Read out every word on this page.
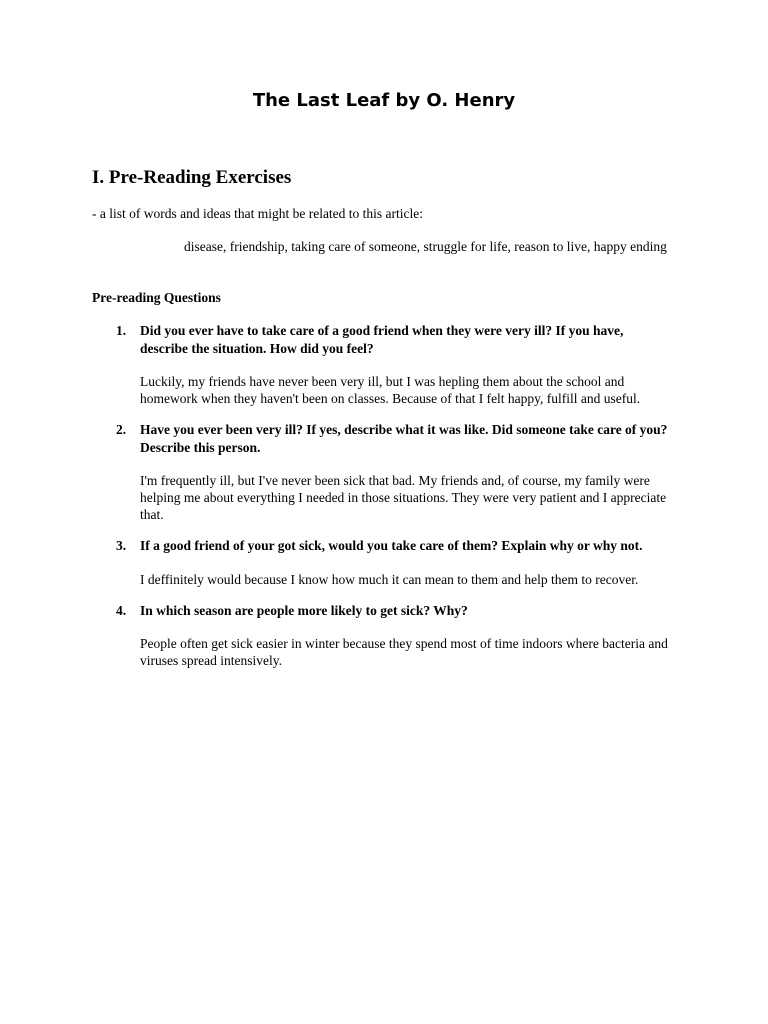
The Last Leaf by O. Henry
I. Pre-Reading Exercises
- a list of words and ideas that might be related to this article:
disease, friendship, taking care of someone, struggle for life, reason to live, happy ending
Pre-reading Questions
1. Did you ever have to take care of a good friend when they were very ill? If you have, describe the situation. How did you feel?
Luckily, my friends have never been very ill, but I was hepling them about the school and homework when they haven't been on classes. Because of that I felt happy, fulfill and useful.
2. Have you ever been very ill? If yes, describe what it was like. Did someone take care of you? Describe this person.
I'm frequently ill, but I've never been sick that bad. My friends and, of course, my family were helping me about everything I needed in those situations. They were very patient and I appreciate that.
3. If a good friend of your got sick, would you take care of them? Explain why or why not.
I deffinitely would because I know how much it can mean to them and help them to recover.
4. In which season are people more likely to get sick? Why?
People often get sick easier in winter because they spend most of time indoors where bacteria and viruses spread intensively.
